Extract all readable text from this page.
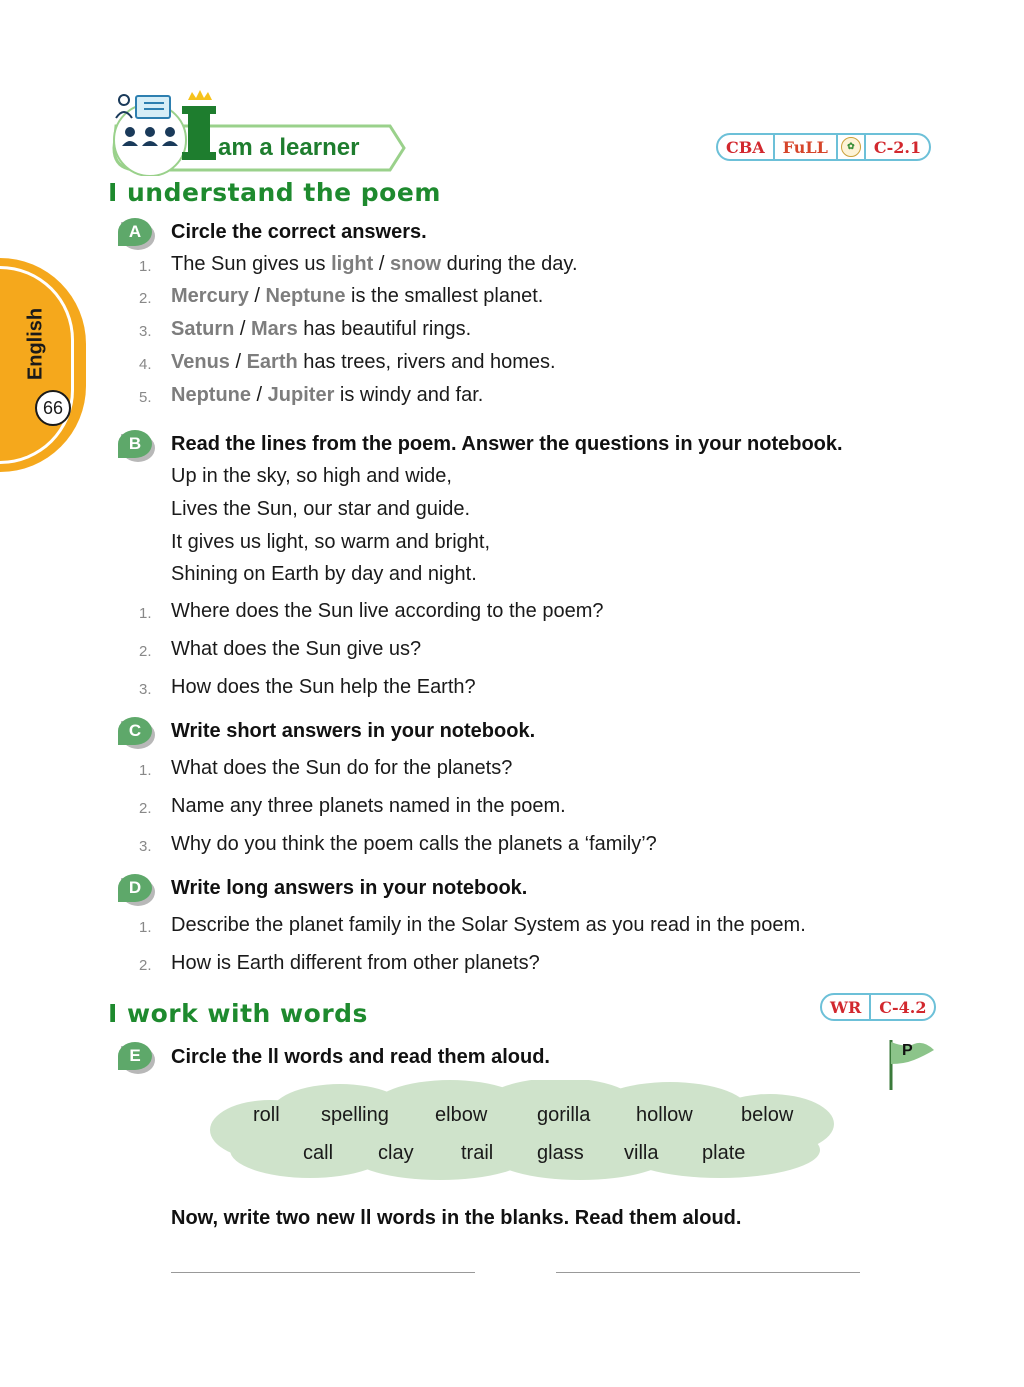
English
66
am a learner	CBA	FuLL	✿	C-2.1
I understand the poem
A	Circle the correct answers.
1. The Sun gives us light / snow during the day.
2. Mercury / Neptune is the smallest planet.
3. Saturn / Mars has beautiful rings.
4. Venus / Earth has trees, rivers and homes.
5. Neptune / Jupiter is windy and far.
B	Read the lines from the poem. Answer the questions in your notebook.
Up in the sky, so high and wide,
Lives the Sun, our star and guide.
It gives us light, so warm and bright,
Shining on Earth by day and night.
1. Where does the Sun live according to the poem?
2. What does the Sun give us?
3. How does the Sun help the Earth?
C	Write short answers in your notebook.
1. What does the Sun do for the planets?
2. Name any three planets named in the poem.
3. Why do you think the poem calls the planets a ‘family’?
D	Write long answers in your notebook.
1. Describe the planet family in the Solar System as you read in the poem.
2. How is Earth different from other planets?
I work with words	WR	C-4.2
E	Circle the ll words and read them aloud.	P
roll spelling elbow gorilla hollow below
call clay trail glass villa plate
Now, write two new ll words in the blanks. Read them aloud.
